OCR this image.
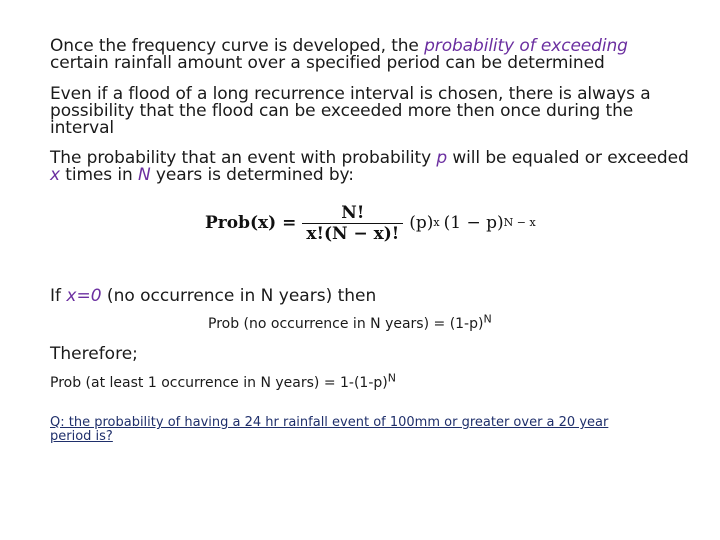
Once the frequency curve is developed, the probability of exceeding certain rainfall amount over a specified period can be determined
Even if a flood of a long recurrence interval is chosen, there is always a possibility that the flood can be exceeded more then once during the interval
The probability that an event with probability p will be equaled or exceeded x times in N years is determined by:
Prob(x) = $\frac{N!}{x!(N - x)!} (p)$ x (1 − p) N − x
If x=0 (no occurrence in N years) then
Prob (no occurrence in N years) = $(1-p)^N$
Therefore;
Prob (at least 1 occurrence in N years) = $1-(1-p)^N$
Q: the probability of having a 24 hr rainfall event of 100mm or greater over a 20 year period is?
